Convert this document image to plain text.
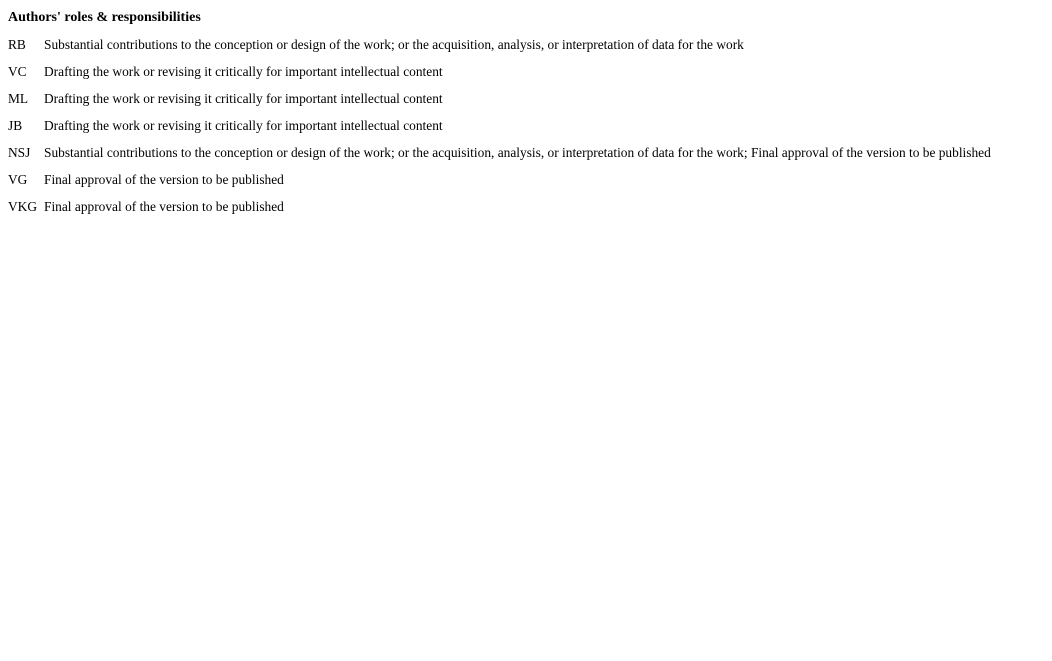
Authors' roles & responsibilities
RB	Substantial contributions to the conception or design of the work; or the acquisition, analysis, or interpretation of data for the work
VC	Drafting the work or revising it critically for important intellectual content
ML	Drafting the work or revising it critically for important intellectual content
JB	Drafting the work or revising it critically for important intellectual content
NSJ	Substantial contributions to the conception or design of the work; or the acquisition, analysis, or interpretation of data for the work; Final approval of the version to be published
VG	Final approval of the version to be published
VKG	Final approval of the version to be published
